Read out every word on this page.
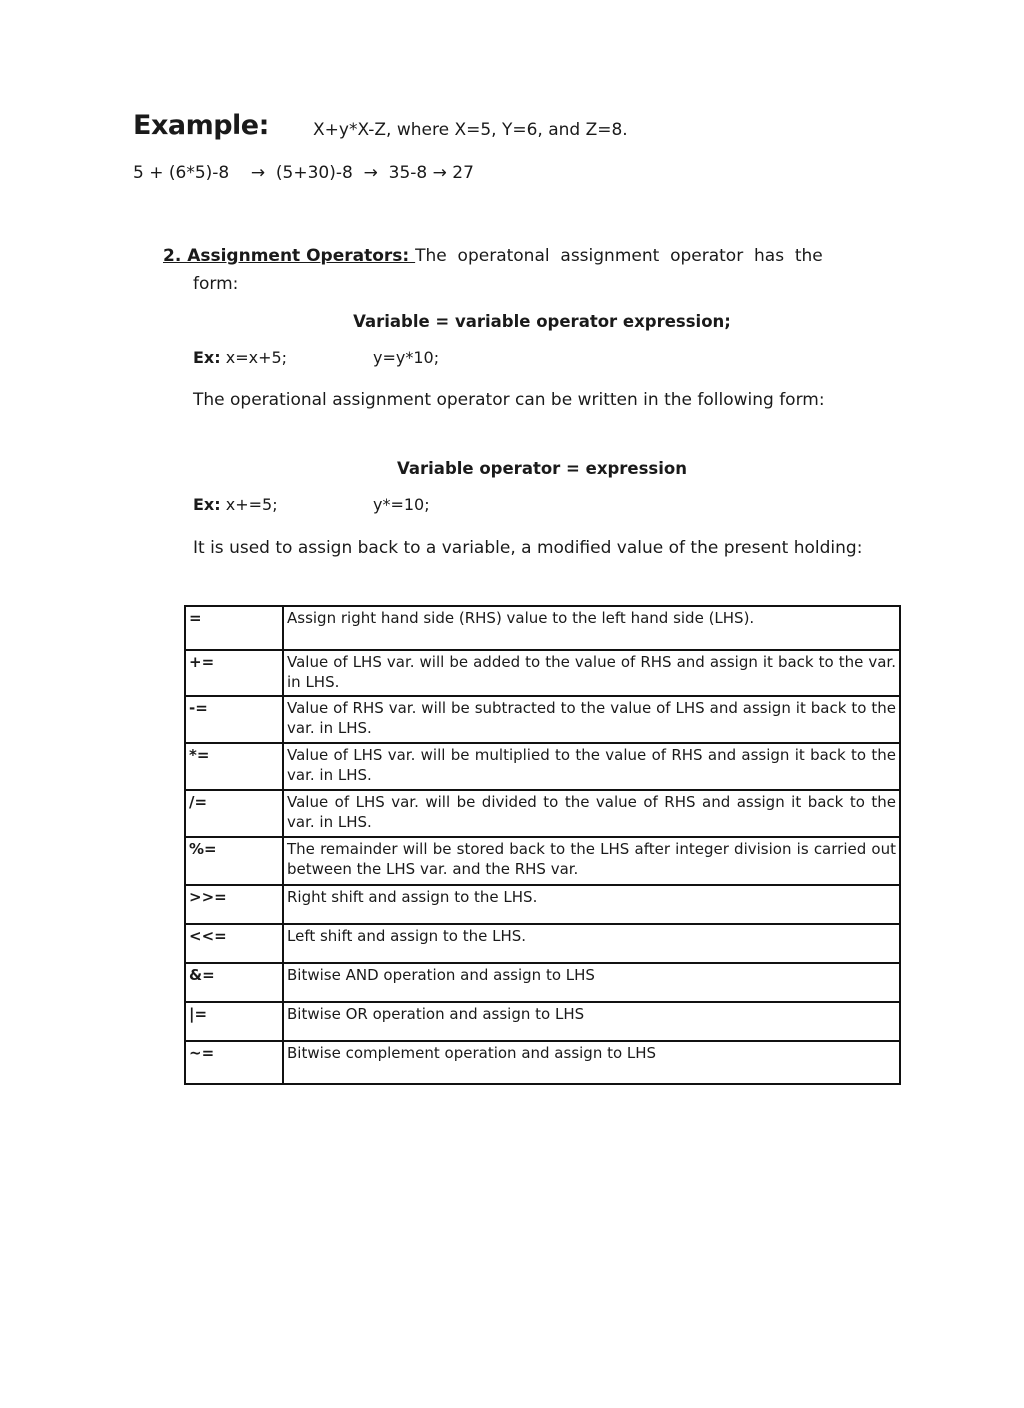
Example:	X+y*X-Z, where X=5, Y=6, and Z=8.
5 + (6*5)-8    →  (5+30)-8  →  35-8 → 27
2. Assignment Operators: The  operatonal  assignment  operator  has  the
form:
Variable = variable operator expression;
Ex: x=x+5;	y=y*10;
The operational assignment operator can be written in the following form:
Variable operator = expression
Ex: x+=5;	y*=10;
It is used to assign back to a variable, a modified value of the present holding:
=	Assign right hand side (RHS) value to the left hand side (LHS).
+=	Value of LHS var. will be added to the value of RHS and assign it back to the var. in LHS.
-=	Value of RHS var. will be subtracted to the value of LHS and assign it back to the var. in LHS.
*=	Value of LHS var. will be multiplied to the value of RHS and assign it back to the var. in LHS.
/=	Value of LHS var. will be divided to the value of RHS and assign it back to the var. in LHS.
%=	The remainder will be stored back to the LHS after integer division is carried out between the LHS var. and the RHS var.
>>=	Right shift and assign to the LHS.
<<=	Left shift and assign to the LHS.
&=	Bitwise AND operation and assign to LHS
|=	Bitwise OR operation and assign to LHS
~=	Bitwise complement operation and assign to LHS
